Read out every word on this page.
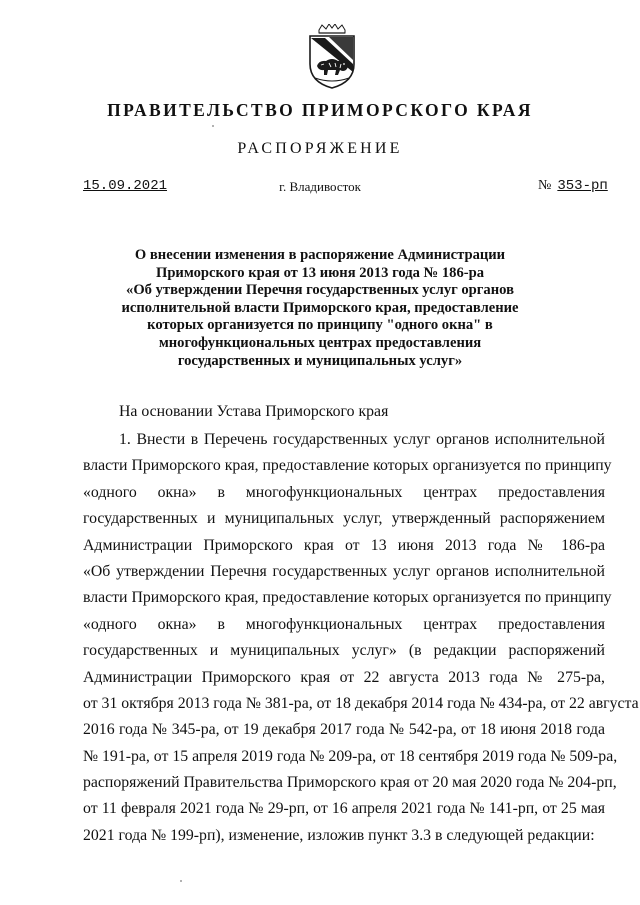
ПРАВИТЕЛЬСТВО ПРИМОРСКОГО КРАЯ
РАСПОРЯЖЕНИЕ
15.09.2021	г. Владивосток	№ 353-рп
О внесении изменения в распоряжение Администрации
Приморского края от 13 июня 2013 года № 186-ра
«Об утверждении Перечня государственных услуг органов
исполнительной власти Приморского края, предоставление
которых организуется по принципу "одного окна" в
многофункциональных центрах предоставления
государственных и муниципальных услуг»
На основании Устава Приморского края
1. Внести в Перечень государственных услуг органов исполнительной
власти Приморского края, предоставление которых организуется по принципу
«одного окна» в многофункциональных центрах предоставления
государственных и муниципальных услуг, утвержденный распоряжением
Администрации Приморского края от 13 июня 2013 года № 186-ра
«Об утверждении Перечня государственных услуг органов исполнительной
власти Приморского края, предоставление которых организуется по принципу
«одного окна» в многофункциональных центрах предоставления
государственных и муниципальных услуг» (в редакции распоряжений
Администрации Приморского края от 22 августа 2013 года № 275-ра,
от 31 октября 2013 года № 381-ра, от 18 декабря 2014 года № 434-ра, от 22 августа
2016 года № 345-ра, от 19 декабря 2017 года № 542-ра, от 18 июня 2018 года
№ 191-ра, от 15 апреля 2019 года № 209-ра, от 18 сентября 2019 года № 509-ра,
распоряжений Правительства Приморского края от 20 мая 2020 года № 204-рп,
от 11 февраля 2021 года № 29-рп, от 16 апреля 2021 года № 141-рп, от 25 мая
2021 года № 199-рп), изменение, изложив пункт 3.3 в следующей редакции:
